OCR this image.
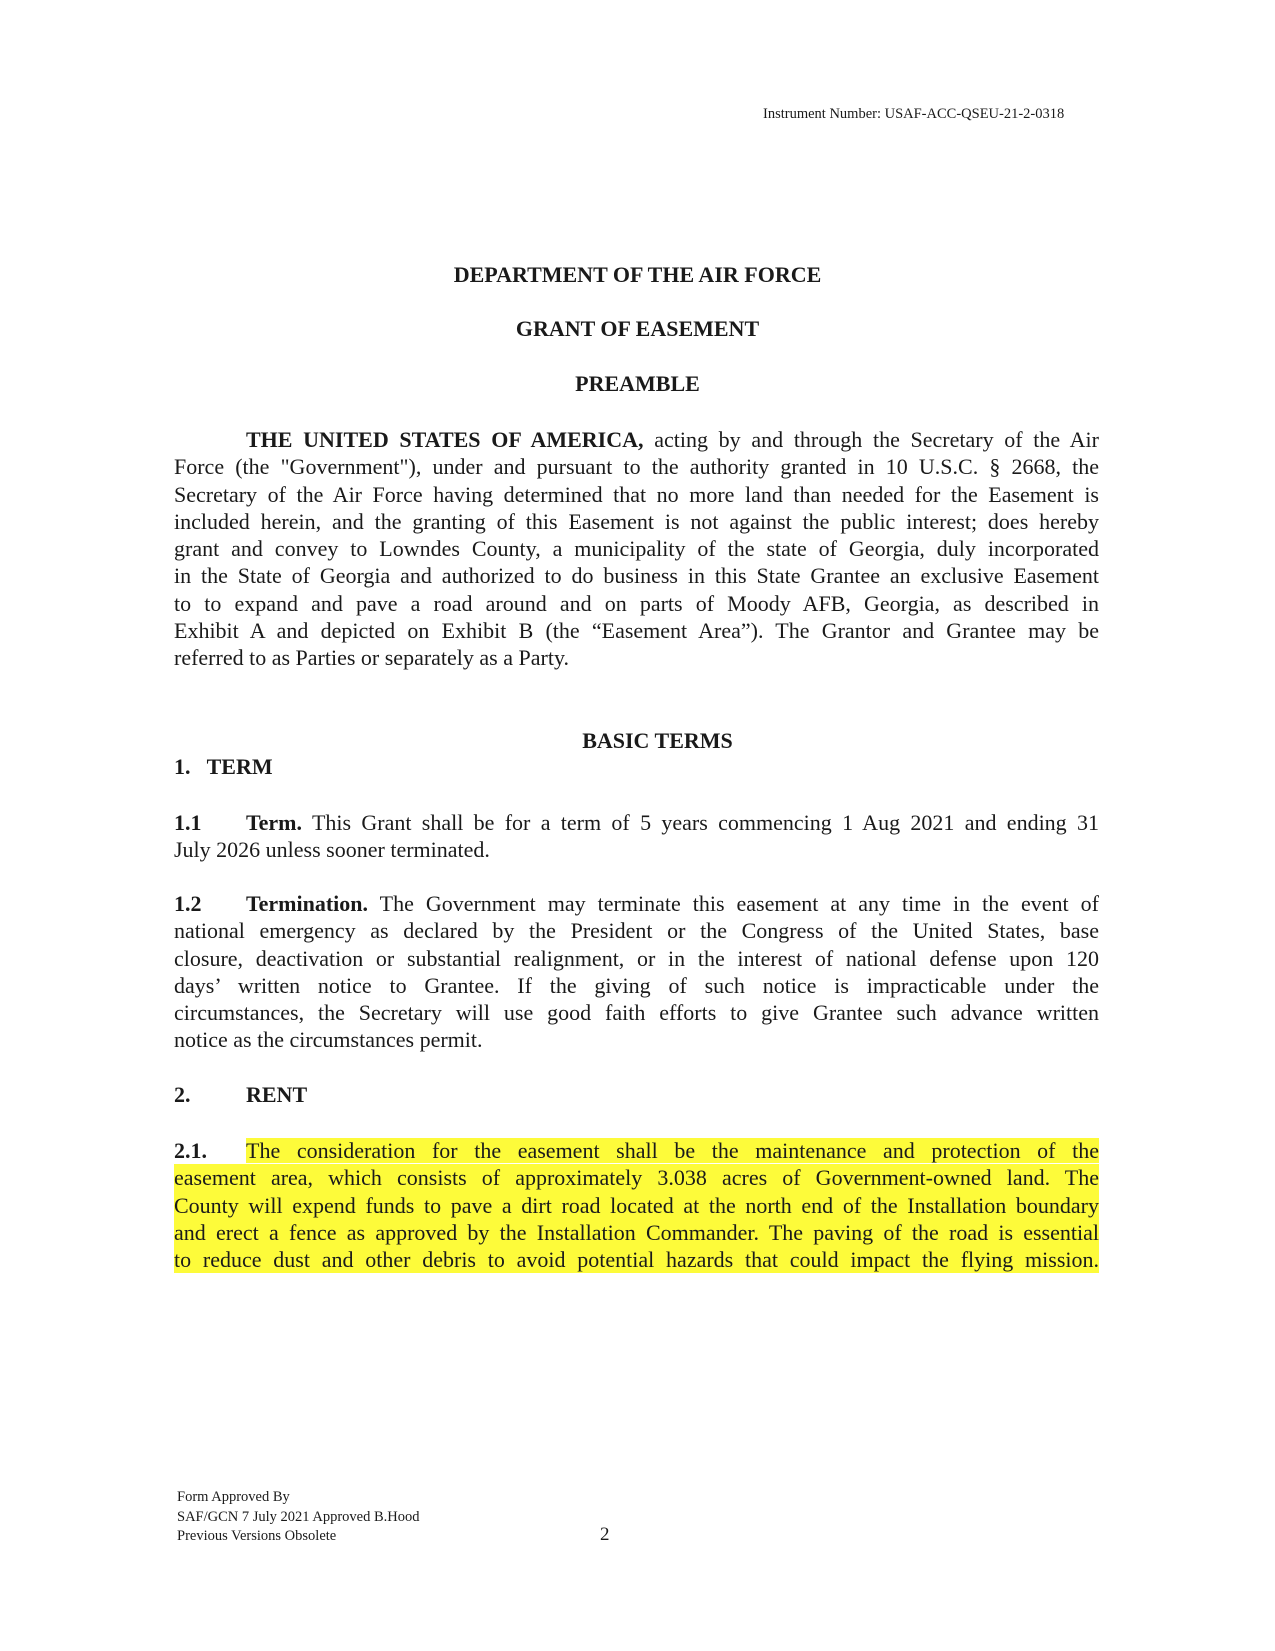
Instrument Number: USAF-ACC-QSEU-21-2-0318
DEPARTMENT OF THE AIR FORCE
GRANT OF EASEMENT
PREAMBLE
THE UNITED STATES OF AMERICA, acting by and through the Secretary of the Air
Force (the "Government"), under and pursuant to the authority granted in 10 U.S.C. § 2668, the
Secretary of the Air Force having determined that no more land than needed for the Easement is
included herein, and the granting of this Easement is not against the public interest; does hereby
grant and convey to Lowndes County, a municipality of the state of Georgia, duly incorporated
in the State of Georgia and authorized to do business in this State Grantee an exclusive Easement
to to expand and pave a road around and on parts of Moody AFB, Georgia, as described in
Exhibit A and depicted on Exhibit B (the “Easement Area”). The Grantor and Grantee may be
referred to as Parties or separately as a Party.
BASIC TERMS
1.   TERM
1.1 Term. This Grant shall be for a term of 5 years commencing 1 Aug 2021 and ending 31
July 2026 unless sooner terminated.
1.2 Termination. The Government may terminate this easement at any time in the event of
national emergency as declared by the President or the Congress of the United States, base
closure, deactivation or substantial realignment, or in the interest of national defense upon 120
days’ written notice to Grantee. If the giving of such notice is impracticable under the
circumstances, the Secretary will use good faith efforts to give Grantee such advance written
notice as the circumstances permit.
2.	RENT
2.1. The consideration for the easement shall be the maintenance and protection of the
easement area, which consists of approximately 3.038 acres of Government-owned land. The
County will expend funds to pave a dirt road located at the north end of the Installation boundary
and erect a fence as approved by the Installation Commander. The paving of the road is essential
to reduce dust and other debris to avoid potential hazards that could impact the flying mission.
Form Approved By
SAF/GCN 7 July 2021 Approved B.Hood
Previous Versions Obsolete	2
